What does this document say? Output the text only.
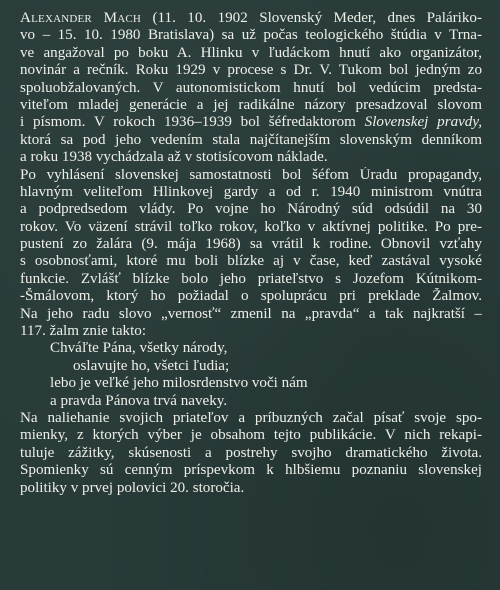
Alexander Mach (11. 10. 1902 Slovenský Meder, dnes Paláriko-
vo – 15. 10. 1980 Bratislava) sa už počas teologického štúdia v Trna-
ve angažoval po boku A. Hlinku v ľudáckom hnutí ako organizátor,
novinár a rečník. Roku 1929 v procese s Dr. V. Tukom bol jedným zo
spoluobžalovaných. V autonomistickom hnutí bol vedúcim predsta-
viteľom mladej generácie a jej radikálne názory presadzoval slovom
i písmom. V rokoch 1936–1939 bol šéfredaktorom Slovenskej pravdy,
ktorá sa pod jeho vedením stala najčítanejším slovenským denníkom
a roku 1938 vychádzala až v stotisícovom náklade.
Po vyhlásení slovenskej samostatnosti bol šéfom Úradu propagandy,
hlavným veliteľom Hlinkovej gardy a od r. 1940 ministrom vnútra
a podpredsedom vlády. Po vojne ho Národný súd odsúdil na 30
rokov. Vo väzení strávil toľko rokov, koľko v aktívnej politike. Po pre-
pustení zo žalára (9. mája 1968) sa vrátil k rodine. Obnovil vzťahy
s osobnosťami, ktoré mu boli blízke aj v čase, keď zastával vysoké
funkcie. Zvlášť blízke bolo jeho priateľstvo s Jozefom Kútnikom-
-Šmálovom, ktorý ho požiadal o spoluprácu pri preklade Žalmov.
Na jeho radu slovo „vernosť“ zmenil na „pravda“ a tak najkratší –
117. žalm znie takto:
Chváľte Pána, všetky národy,
oslavujte ho, všetci ľudia;
lebo je veľké jeho milosrdenstvo voči nám
a pravda Pánova trvá naveky.
Na naliehanie svojich priateľov a príbuzných začal písať svoje spo-
mienky, z ktorých výber je obsahom tejto publikácie. V nich rekapi-
tuluje zážitky, skúsenosti a postrehy svojho dramatického života.
Spomienky sú cenným príspevkom k hlbšiemu poznaniu slovenskej
politiky v prvej polovici 20. storočia.
